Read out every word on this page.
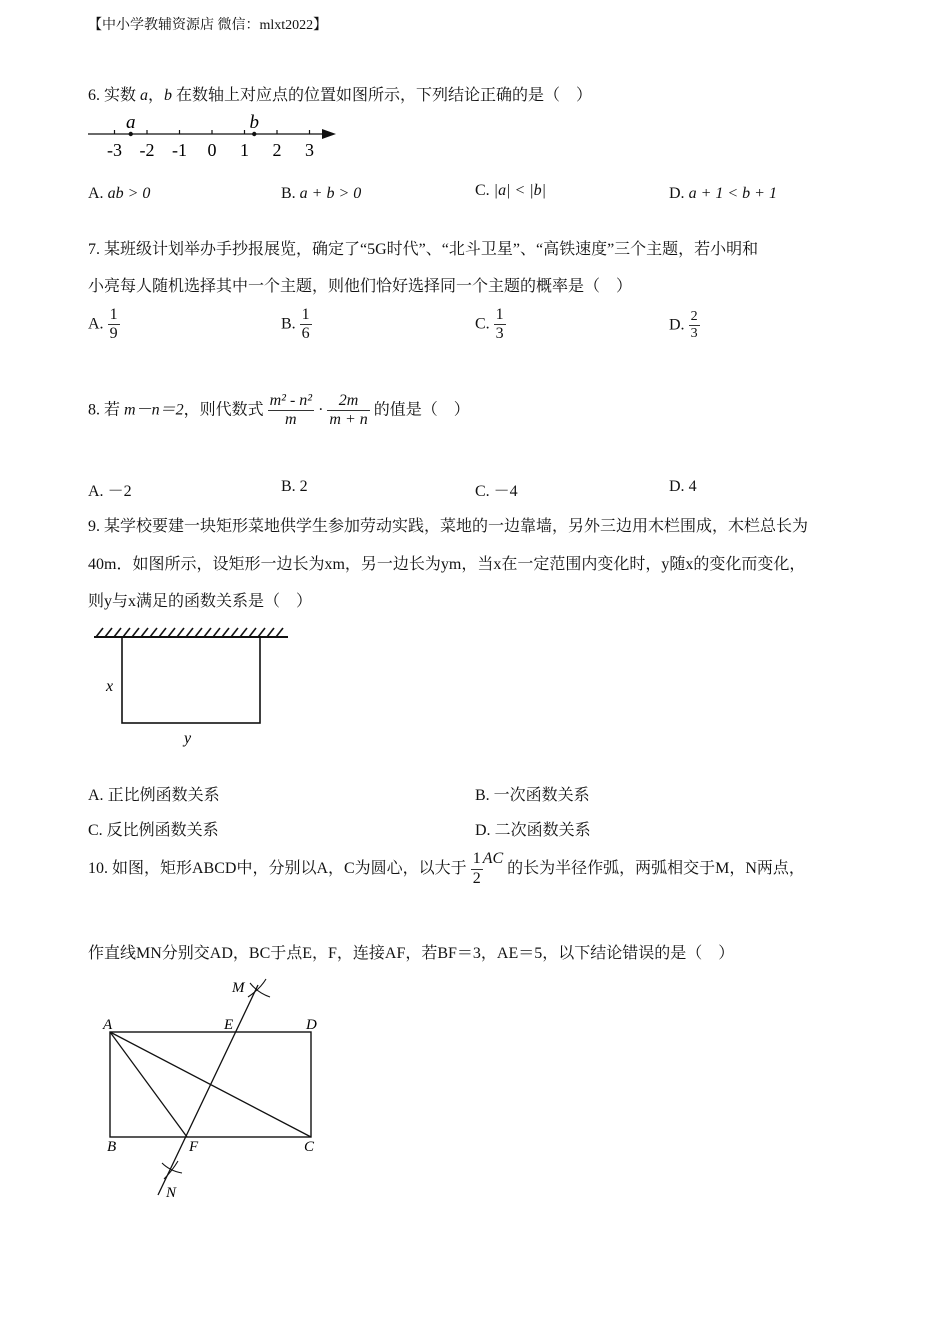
【中小学教辅资源店 微信：mlxt2022】
6. 实数 a，b 在数轴上对应点的位置如图所示，下列结论正确的是（　）
-3 -2 -1 0 1 2 3
a	b
A. ab > 0	B. a + b > 0	C. |a| < |b|	D. a + 1 < b + 1
7. 某班级计划举办手抄报展览，确定了“5G时代”、“北斗卫星”、“高铁速度”三个主题，若小明和
小亮每人随机选择其中一个主题，则他们恰好选择同一个主题的概率是（　）
A. $\frac{1}{9}$	B. $\frac{1}{6}$	C. $\frac{1}{3}$	D. $\frac{2}{3}$
8. 若 m－n＝2，则代数式 $\frac{\text{m² - n²}}{m} \cdot \frac{2m}{m + n}$ 的值是（　）
A. －2	B. 2	C. －4	D. 4
9. 某学校要建一块矩形菜地供学生参加劳动实践，菜地的一边靠墙，另外三边用木栏围成，木栏总长为
40m．如图所示，设矩形一边长为xm，另一边长为ym，当x在一定范围内变化时，y随x的变化而变化，
则y与x满足的函数关系是（　）
x
y
A. 正比例函数关系	B. 一次函数关系
C. 反比例函数关系	D. 二次函数关系
10. 如图，矩形ABCD中，分别以A，C为圆心，以大于 $\frac{1}{2}$ AC 的长为半径作弧，两弧相交于M，N两点，
作直线MN分别交AD，BC于点E，F，连接AF，若BF＝3，AE＝5，以下结论错误的是（　）
A
B	C
D
E
F
M
N
